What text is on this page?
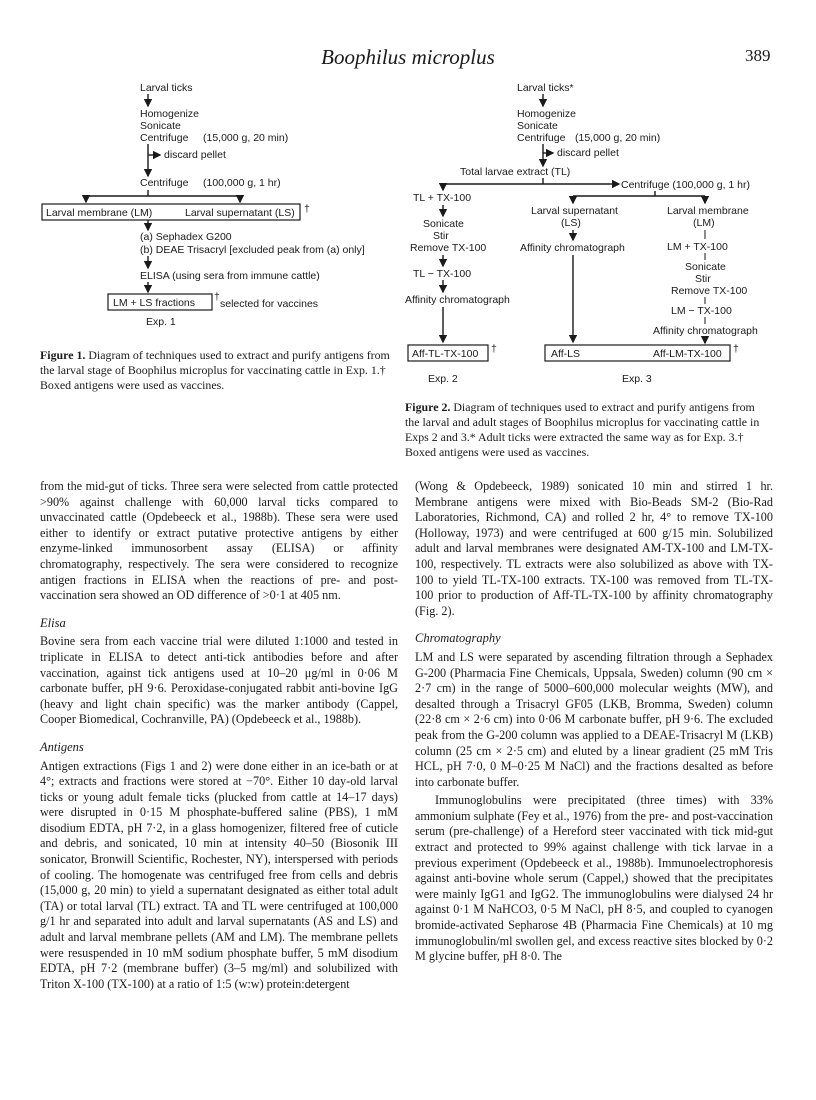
Boophilus microplus	389
Larval ticks
Homogenize
Sonicate
Centrifuge (15,000 g, 20 min)
discard pellet
Centrifuge (100,000 g, 1 hr)
Larval membrane (LM)	Larval supernatant (LS) †
(a) Sephadex G200
(b) DEAE Trisacryl [excluded peak from (a) only]
ELISA (using sera from immune cattle)
LM + LS fractions †
selected for vaccines
Exp. 1

Figure 1. Diagram of techniques used to extract and purify antigens from the larval stage of Boophilus microplus for vaccinating cattle in Exp. 1.† Boxed antigens were used as vaccines.

Larval ticks*
Homogenize
Sonicate
Centrifuge (15,000 g, 20 min)
discard pellet
Total larvae extract (TL)
TL + TX-100
Centrifuge (100,000 g, 1 hr)
Sonicate
Stir
Remove TX-100
TL − TX-100
Affinity chromatograph
Larval supernatant
(LS)
Affinity chromatograph
Larval membrane
(LM)
LM + TX-100
Sonicate
Stir
Remove TX-100
LM − TX-100
Affinity chromatograph
Aff-TL-TX-100 †	Aff-LS	Aff-LM-TX-100 †
Exp. 2	Exp. 3

Figure 2. Diagram of techniques used to extract and purify antigens from the larval and adult stages of Boophilus microplus for vaccinating cattle in Exps 2 and 3.* Adult ticks were extracted the same way as for Exp. 3.† Boxed antigens were used as vaccines.

from the mid-gut of ticks. Three sera were selected from cattle protected >90% against challenge with 60,000 larval ticks compared to unvaccinated cattle (Opdebeeck et al., 1988b). These sera were used either to identify or extract putative protective antigens by either enzyme-linked immunosorbent assay (ELISA) or affinity chromatography, respectively. The sera were considered to recognize antigen fractions in ELISA when the reactions of pre- and post-vaccination sera showed an OD difference of >0·1 at 405 nm.

Elisa

Bovine sera from each vaccine trial were diluted 1:1000 and tested in triplicate in ELISA to detect anti-tick antibodies before and after vaccination, against tick antigens used at 10–20 μg/ml in 0·06 M carbonate buffer, pH 9·6. Peroxidase-conjugated rabbit anti-bovine IgG (heavy and light chain specific) was the marker antibody (Cappel, Cooper Biomedical, Cochranville, PA) (Opdebeeck et al., 1988b).

Antigens

Antigen extractions (Figs 1 and 2) were done either in an ice-bath or at 4°; extracts and fractions were stored at −70°. Either 10 day-old larval ticks or young adult female ticks (plucked from cattle at 14–17 days) were disrupted in 0·15 M phosphate-buffered saline (PBS), 1 mM disodium EDTA, pH 7·2, in a glass homogenizer, filtered free of cuticle and debris, and sonicated, 10 min at intensity 40–50 (Biosonik III sonicator, Bronwill Scientific, Rochester, NY), interspersed with periods of cooling. The homogenate was centrifuged free from cells and debris (15,000 g, 20 min) to yield a supernatant designated as either total adult (TA) or total larval (TL) extract. TA and TL were centrifuged at 100,000 g/1 hr and separated into adult and larval supernatants (AS and LS) and adult and larval membrane pellets (AM and LM). The membrane pellets were resuspended in 10 mM sodium phosphate buffer, 5 mM disodium EDTA, pH 7·2 (membrane buffer) (3–5 mg/ml) and solubilized with Triton X-100 (TX-100) at a ratio of 1:5 (w:w) protein:detergent

(Wong & Opdebeeck, 1989) sonicated 10 min and stirred 1 hr. Membrane antigens were mixed with Bio-Beads SM-2 (Bio-Rad Laboratories, Richmond, CA) and rolled 2 hr, 4° to remove TX-100 (Holloway, 1973) and were centrifuged at 600 g/15 min. Solubilized adult and larval membranes were designated AM-TX-100 and LM-TX-100, respectively. TL extracts were also solubilized as above with TX-100 to yield TL-TX-100 extracts. TX-100 was removed from TL-TX-100 prior to production of Aff-TL-TX-100 by affinity chromatography (Fig. 2).

Chromatography

LM and LS were separated by ascending filtration through a Sephadex G-200 (Pharmacia Fine Chemicals, Uppsala, Sweden) column (90 cm × 2·7 cm) in the range of 5000–600,000 molecular weights (MW), and desalted through a Trisacryl GF05 (LKB, Bromma, Sweden) column (22·8 cm × 2·6 cm) into 0·06 M carbonate buffer, pH 9·6. The excluded peak from the G-200 column was applied to a DEAE-Trisacryl M (LKB) column (25 cm × 2·5 cm) and eluted by a linear gradient (25 mM Tris HCL, pH 7·0, 0 M–0·25 M NaCl) and the fractions desalted as before into carbonate buffer.

Immunoglobulins were precipitated (three times) with 33% ammonium sulphate (Fey et al., 1976) from the pre- and post-vaccination serum (pre-challenge) of a Hereford steer vaccinated with tick mid-gut extract and protected to 99% against challenge with tick larvae in a previous experiment (Opdebeeck et al., 1988b). Immunoelectrophoresis against anti-bovine whole serum (Cappel,) showed that the precipitates were mainly IgG1 and IgG2. The immunoglobulins were dialysed 24 hr against 0·1 M NaHCO3, 0·5 M NaCl, pH 8·5, and coupled to cyanogen bromide-activated Sepharose 4B (Pharmacia Fine Chemicals) at 10 mg immunoglobulin/ml swollen gel, and excess reactive sites blocked by 0·2 M glycine buffer, pH 8·0. The
